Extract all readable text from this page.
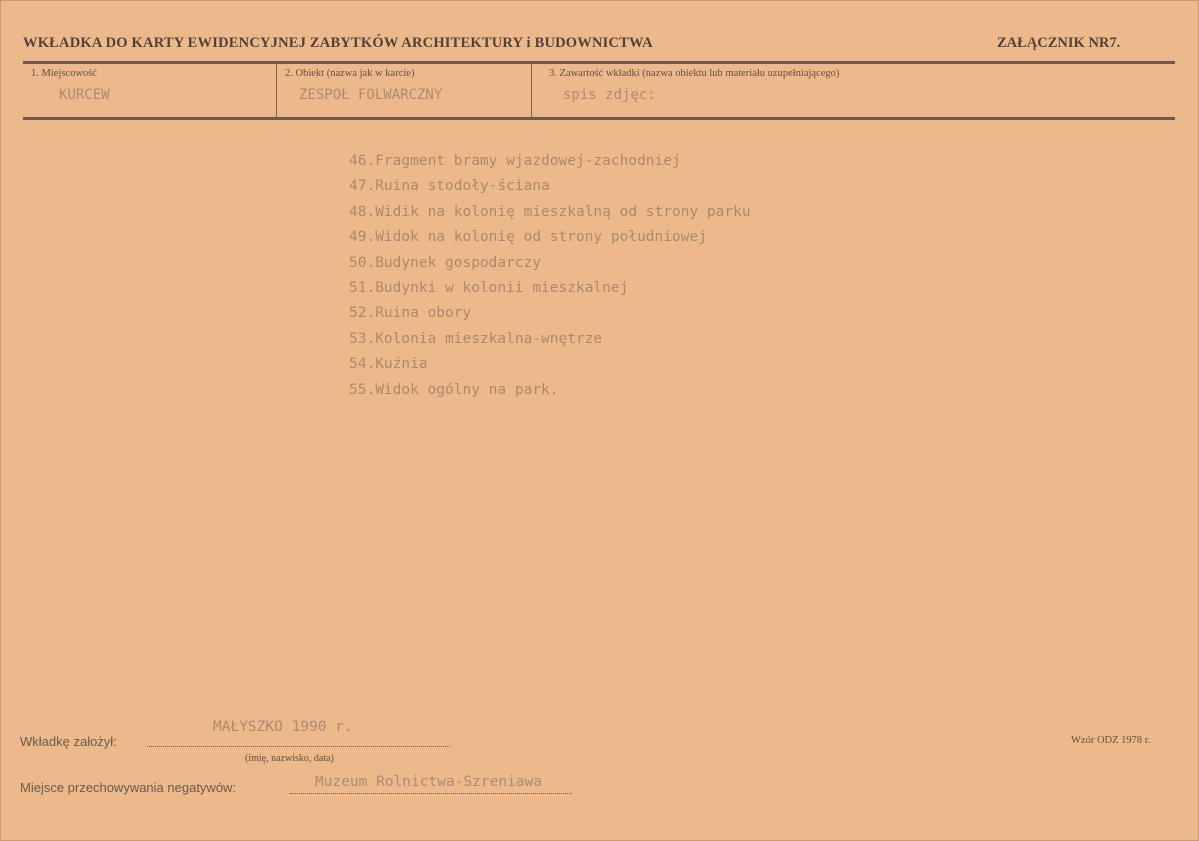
WKŁADKA DO KARTY EWIDENCYJNEJ ZABYTKÓW ARCHITEKTURY i BUDOWNICTWA	ZAŁĄCZNIK NR7.
1. Miejscowość
KURCEW
2. Obiekt (nazwa jak w karcie)
ZESPOŁ FOLWARCZNY
3. Zawartość wkładki (nazwa obiektu lub materiału uzupełniającego)
spis zdjęc:
46.Fragment bramy wjazdowej-zachodniej
47.Ruina stodoły-ściana
48.Widik na kolonię mieszkalną od strony parku
49.Widok na kolonię od strony południowej
50.Budynek gospodarczy
51.Budynki w kolonii mieszkalnej
52.Ruina obory
53.Kolonia mieszkalna-wnętrze
54.Kuźnia
55.Widok ogólny na park.
Wkładkę założył:
MAŁYSZKO 1990 r.
(imię, nazwisko, data)
Miejsce przechowywania negatywów:	Muzeum Rolnictwa-Szreniawa
Wzór ODZ 1978 r.
